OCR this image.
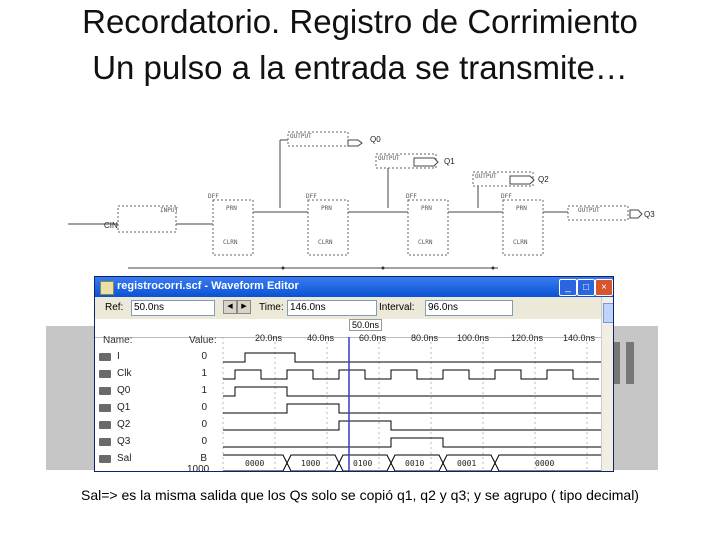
Recordatorio. Registro de Corrimiento
Un pulso a la entrada se transmite…
OUTPUT
OUTPUT
OUTPUT
OUTPUT
Q0
Q1
Q2
Q3
INPUT
CIN
DFF	DFF	DFF	DFF
PRN	PRN	PRN	PRN
CLRN	CLRN	CLRN	CLRN
registrocorri.scf - Waveform Editor	_	□	×
Ref:	50.0ns	◀	▶	Time: 146.0ns	Interval:	96.0ns
Name:	Value:	20.0ns	40.0ns	60.0ns	80.0ns 100.0ns 120.0ns 140.0ns
I	0
Clk	1
Q0	1
Q1	0
Q2	0
Q3	0
Sal	B 1000
0000	1000	0100	0010	0001	0000
50.0ns
Sal=> es la misma salida que los Qs solo se copió q1, q2 y q3; y se agrupo ( tipo decimal)
